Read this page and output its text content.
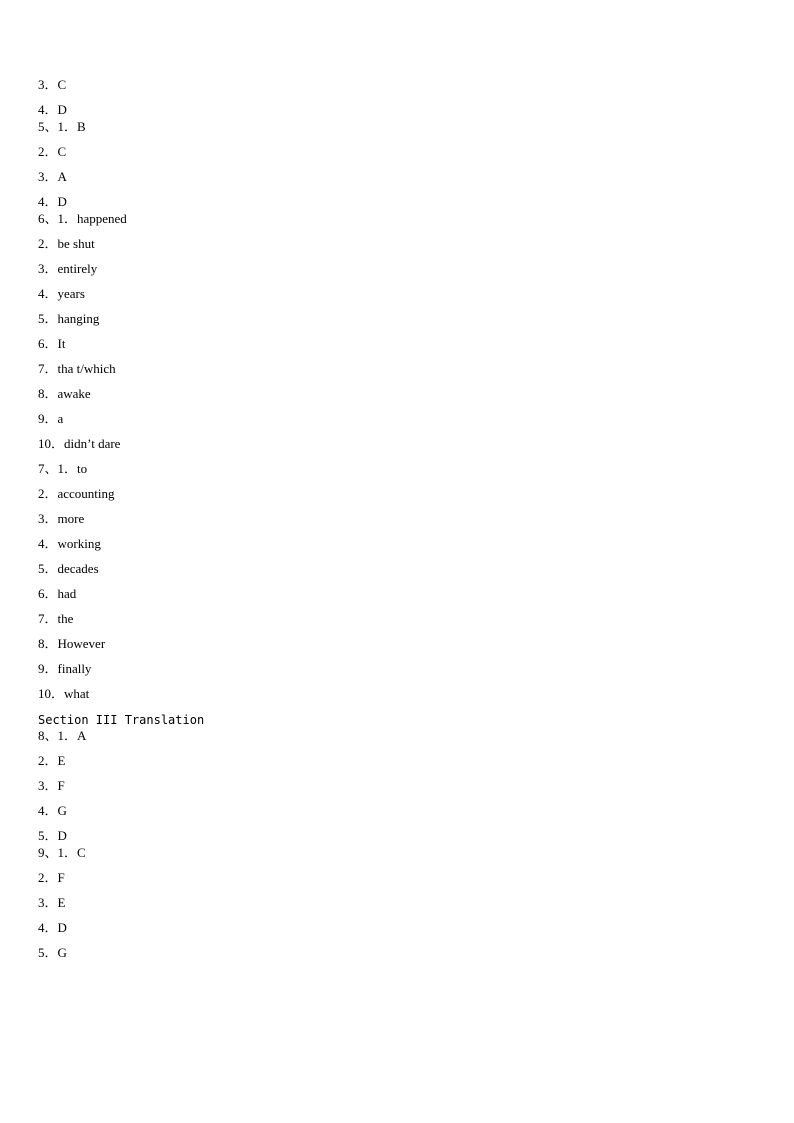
3．C
4．D
5、1．B
2．C
3．A
4．D
6、1．happened
2．be shut
3．entirely
4．years
5．hanging
6．It
7．tha t/which
8．awake
9．a
10．didn’t dare
7、1．to
2．accounting
3．more
4．working
5．decades
6．had
7．the
8．However
9．finally
10．what
Section III Translation
8、1．A
2．E
3．F
4．G
5．D
9、1．C
2．F
3．E
4．D
5．G
